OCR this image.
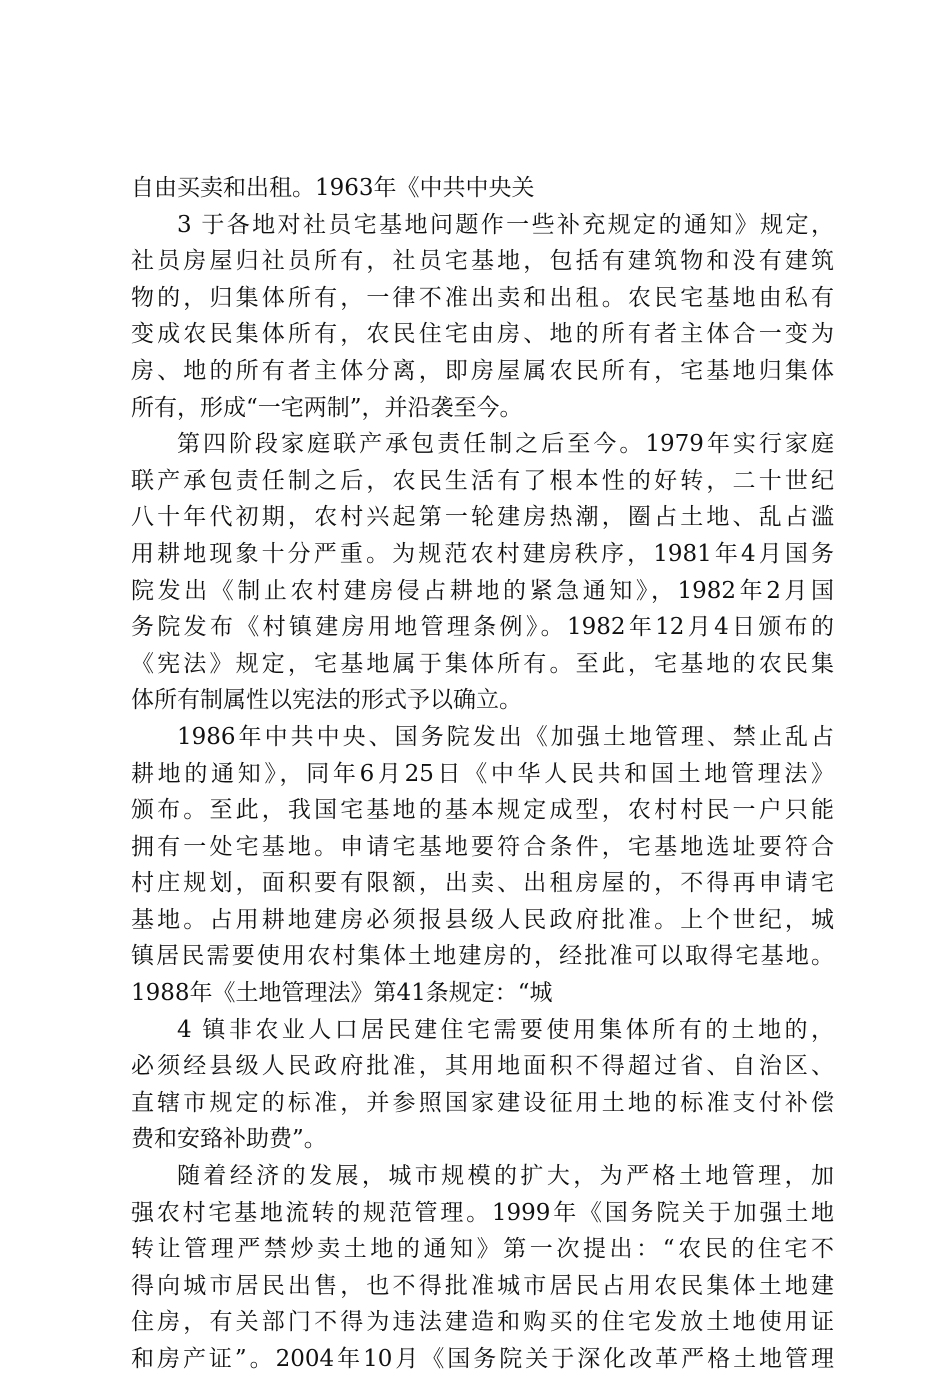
自由买卖和出租。1963年《中共中央关
3 于各地对社员宅基地问题作一些补充规定的通知》规定，
社员房屋归社员所有，社员宅基地，包括有建筑物和没有建筑
物的，归集体所有，一律不准出卖和出租。农民宅基地由私有
变成农民集体所有，农民住宅由房、地的所有者主体合一变为
房、地的所有者主体分离，即房屋属农民所有，宅基地归集体
所有，形成“一宅两制”，并沿袭至今。
第四阶段家庭联产承包责任制之后至今。1979年实行家庭
联产承包责任制之后，农民生活有了根本性的好转，二十世纪
八十年代初期，农村兴起第一轮建房热潮，圈占土地、乱占滥
用耕地现象十分严重。为规范农村建房秩序，1981年4月国务
院发出《制止农村建房侵占耕地的紧急通知》，1982年2月国
务院发布《村镇建房用地管理条例》。1982年12月4日颁布的
《宪法》规定，宅基地属于集体所有。至此，宅基地的农民集
体所有制属性以宪法的形式予以确立。
1986年中共中央、国务院发出《加强土地管理、禁止乱占
耕地的通知》，同年6月25日《中华人民共和国土地管理法》
颁布。至此，我国宅基地的基本规定成型，农村村民一户只能
拥有一处宅基地。申请宅基地要符合条件，宅基地选址要符合
村庄规划，面积要有限额，出卖、出租房屋的，不得再申请宅
基地。占用耕地建房必须报县级人民政府批准。上个世纪，城
镇居民需要使用农村集体土地建房的，经批准可以取得宅基地。
1988年《土地管理法》第41条规定：“城
4 镇非农业人口居民建住宅需要使用集体所有的土地的，
必须经县级人民政府批准，其用地面积不得超过省、自治区、
直辖市规定的标准，并参照国家建设征用土地的标准支付补偿
费和安臵补助费”。
随着经济的发展，城市规模的扩大，为严格土地管理，加
强农村宅基地流转的规范管理。1999年《国务院关于加强土地
转让管理严禁炒卖土地的通知》第一次提出：“农民的住宅不
得向城市居民出售，也不得批准城市居民占用农民集体土地建
住房，有关部门不得为违法建造和购买的住宅发放土地使用证
和房产证”。2004年10月《国务院关于深化改革严格土地管理
